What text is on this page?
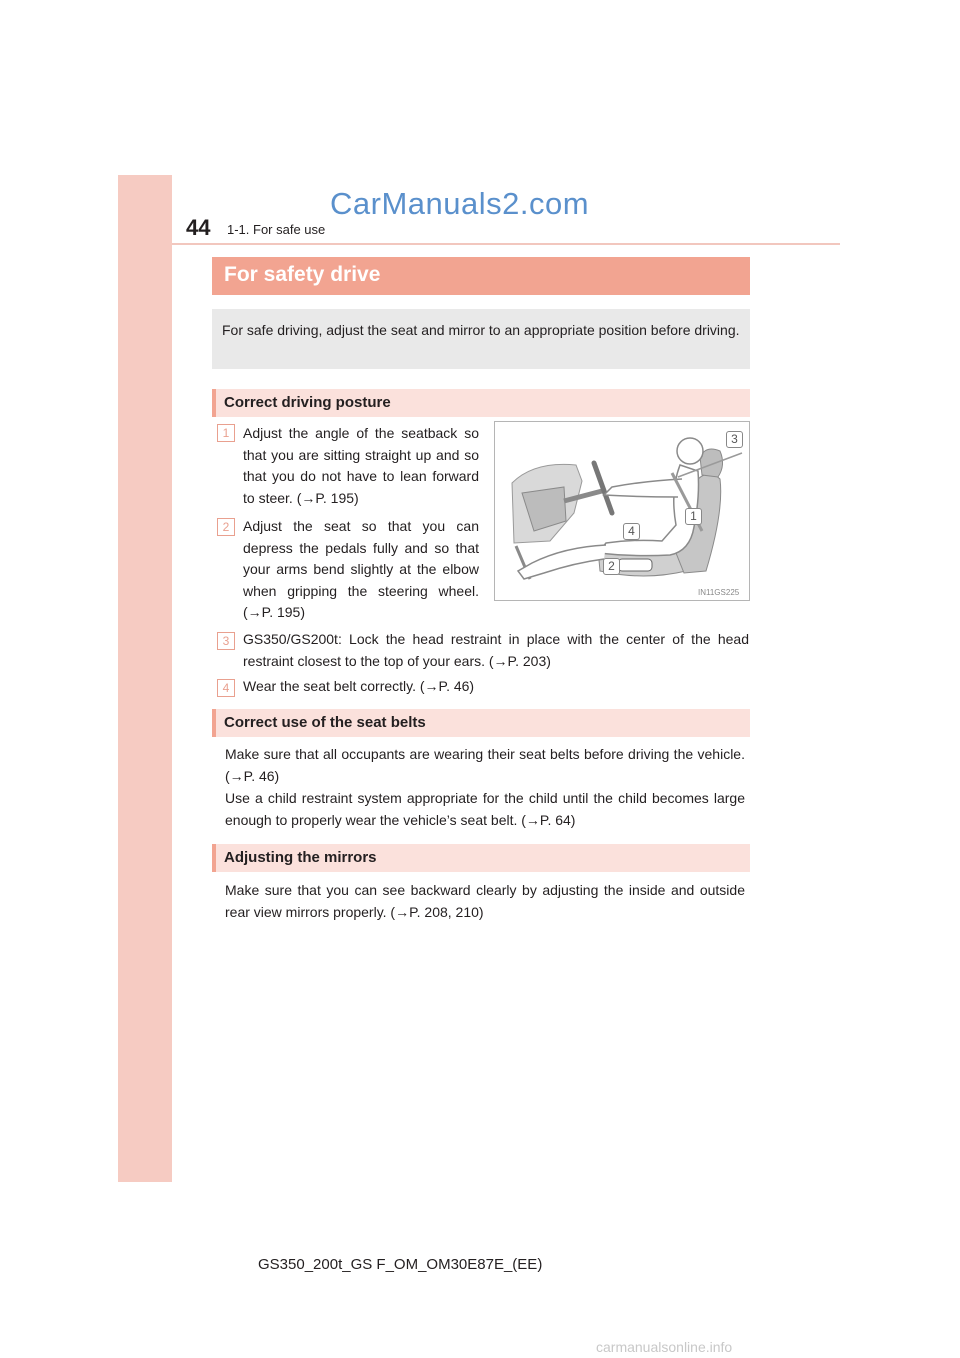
44 1-1. For safe use
CarManuals2.com
For safety drive
For safe driving, adjust the seat and mirror to an appropriate position before driving.
Correct driving posture
1 Adjust the angle of the seatback so that you are sitting straight up and so that you do not have to lean forward to steer. (→P. 195)
2 Adjust the seat so that you can depress the pedals fully and so that your arms bend slightly at the elbow when gripping the steering wheel. (→P. 195)
3 GS350/GS200t: Lock the head restraint in place with the center of the head restraint closest to the top of your ears. (→P. 203)
4 Wear the seat belt correctly. (→P. 46)
IN11GS225
1
2
3
4
Correct use of the seat belts
Make sure that all occupants are wearing their seat belts before driving the vehicle. (→P. 46)
Use a child restraint system appropriate for the child until the child becomes large enough to properly wear the vehicle’s seat belt. (→P. 64)
Adjusting the mirrors
Make sure that you can see backward clearly by adjusting the inside and outside rear view mirrors properly. (→P. 208, 210)
GS350_200t_GS F_OM_OM30E87E_(EE)
carmanualsonline.info
